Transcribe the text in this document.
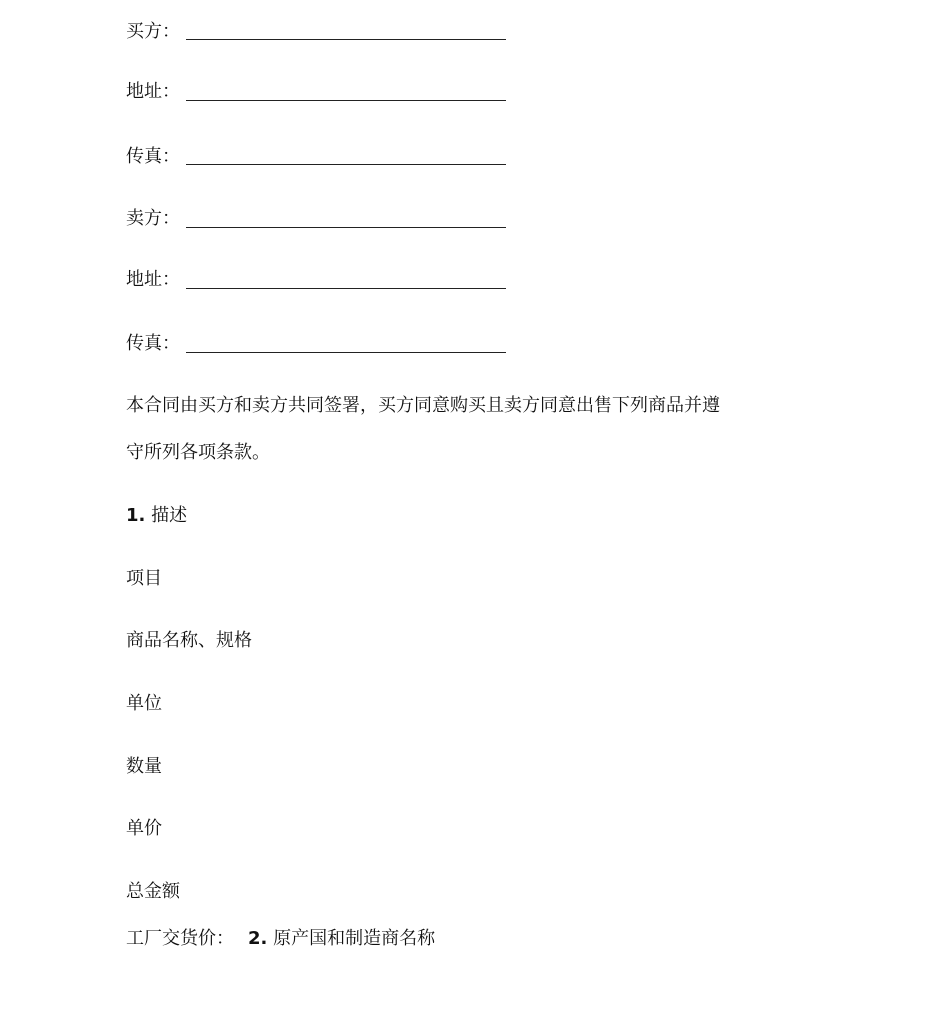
买方：
地址：
传真：
卖方：
地址：
传真：
本合同由买方和卖方共同签署，买方同意购买且卖方同意出售下列商品并遵
守所列各项条款。
1. 描述
项目
商品名称、规格
单位
数量
单价
总金额
工厂交货价： 2. 原产国和制造商名称
